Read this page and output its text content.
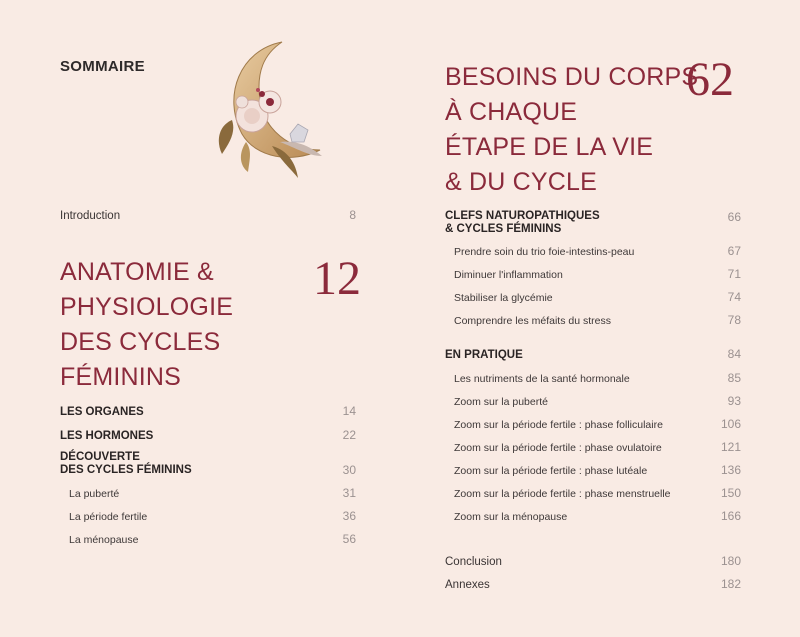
SOMMAIRE
Introduction	8
ANATOMIE &
PHYSIOLOGIE
DES CYCLES
FÉMININS
12
LES ORGANES	14
LES HORMONES	22
DÉCOUVERTE
DES CYCLES FÉMININS	30
La puberté	31
La période fertile	36
La ménopause	56
BESOINS DU CORPS
À CHAQUE
ÉTAPE DE LA VIE
& DU CYCLE
62
CLEFS NATUROPATHIQUES
& CYCLES FÉMININS
66
Prendre soin du trio foie-intestins-peau	67
Diminuer l'inflammation	71
Stabiliser la glycémie	74
Comprendre les méfaits du stress	78
EN PRATIQUE	84
Les nutriments de la santé hormonale	85
Zoom sur la puberté	93
Zoom sur la période fertile : phase folliculaire	106
Zoom sur la période fertile : phase ovulatoire	121
Zoom sur la période fertile : phase lutéale	136
Zoom sur la période fertile : phase menstruelle	150
Zoom sur la ménopause	166
Conclusion	180
Annexes	182
